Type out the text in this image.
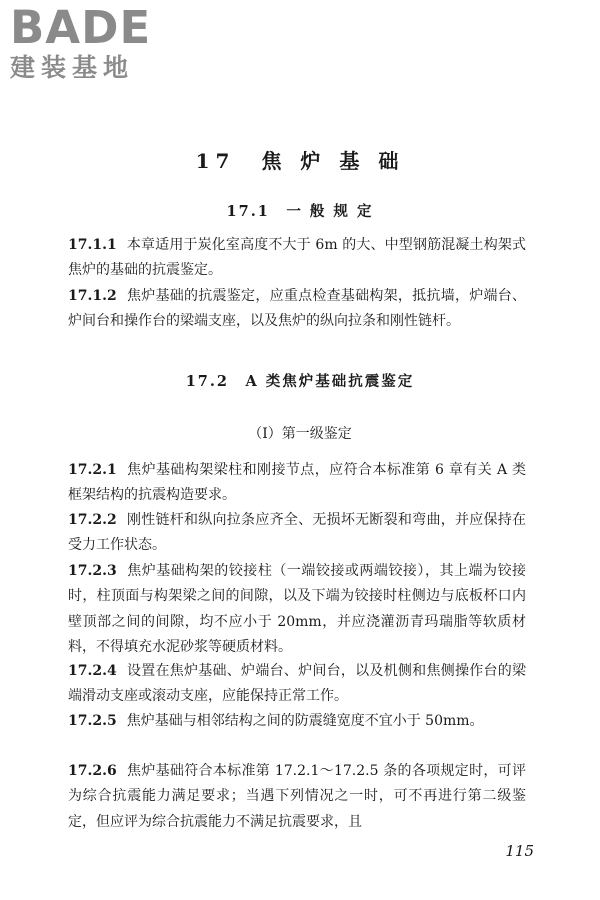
BADE
建装基地
17　焦 炉 基 础
17.1　一 般 规 定
17.1.1 本章适用于炭化室高度不大于 6m 的大、中型钢筋混凝土构架式焦炉的基础的抗震鉴定。
17.1.2 焦炉基础的抗震鉴定，应重点检查基础构架，抵抗墙，炉端台、炉间台和操作台的梁端支座，以及焦炉的纵向拉条和刚性链杆。
17.2　A 类焦炉基础抗震鉴定
（Ⅰ）第一级鉴定
17.2.1 焦炉基础构架梁柱和刚接节点，应符合本标准第 6 章有关 A 类框架结构的抗震构造要求。
17.2.2 刚性链杆和纵向拉条应齐全、无损坏无断裂和弯曲，并应保持在受力工作状态。
17.2.3 焦炉基础构架的铰接柱（一端铰接或两端铰接），其上端为铰接时，柱顶面与构架梁之间的间隙，以及下端为铰接时柱侧边与底板杯口内壁顶部之间的间隙，均不应小于 20mm，并应浇灌沥青玛瑞脂等软质材料，不得填充水泥砂浆等硬质材料。
17.2.4 设置在焦炉基础、炉端台、炉间台，以及机侧和焦侧操作台的梁端滑动支座或滚动支座，应能保持正常工作。
17.2.5 焦炉基础与相邻结构之间的防震缝宽度不宜小于 50mm。
17.2.6 焦炉基础符合本标准第 17.2.1～17.2.5 条的各项规定时，可评为综合抗震能力满足要求；当遇下列情况之一时，可不再进行第二级鉴定，但应评为综合抗震能力不满足抗震要求，且
115
